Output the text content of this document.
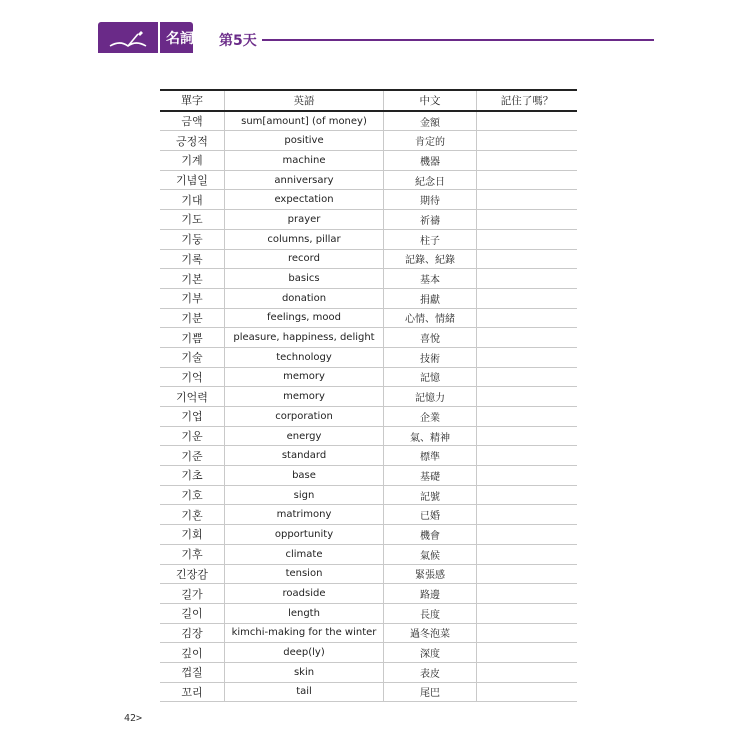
名詞 第5天
單字	英語	中文	記住了嗎？
금액	sum[amount] (of money)	金額	
긍정적	positive	肯定的	
기계	machine	機器	
기념일	anniversary	紀念日	
기대	expectation	期待	
기도	prayer	祈禱	
기둥	columns, pillar	柱子	
기록	record	記錄、紀錄	
기본	basics	基本	
기부	donation	捐獻	
기분	feelings, mood	心情、情緒	
기쁨	pleasure, happiness, delight	喜悅	
기술	technology	技術	
기억	memory	記憶	
기억력	memory	記憶力	
기업	corporation	企業	
기운	energy	氣、精神	
기준	standard	標準	
기초	base	基礎	
기호	sign	記號	
기혼	matrimony	已婚	
기회	opportunity	機會	
기후	climate	氣候	
긴장감	tension	緊張感	
길가	roadside	路邊	
길이	length	長度	
김장	kimchi-making for the winter	過冬泡菜	
깊이	deep(ly)	深度	
껍질	skin	表皮	
꼬리	tail	尾巴	
42>
